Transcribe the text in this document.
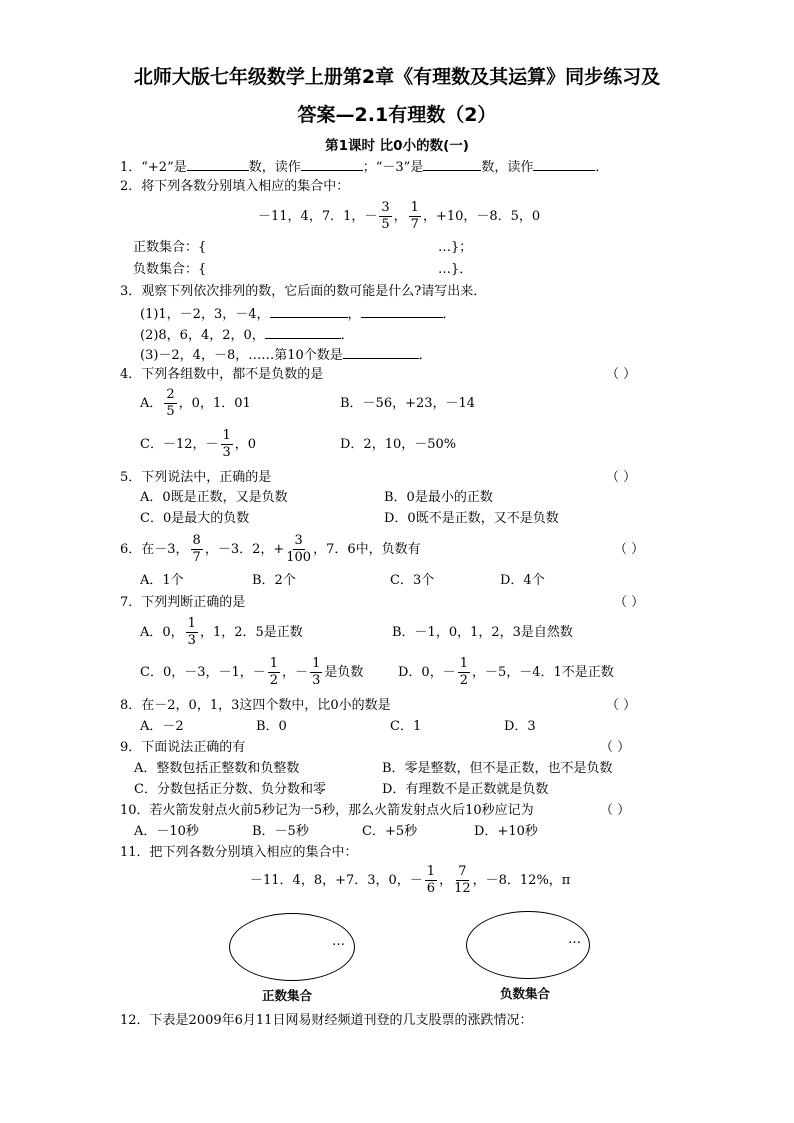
北师大版七年级数学上册第2章《有理数及其运算》同步练习及
答案—2.1有理数（2）
第1课时 比0小的数(一)
1．“+2”是	数，读作	；“－3”是	数，读作	．
2．将下列各数分别填入相应的集合中：
－11，4，7．1，－ $\frac{3}{5}$ ， $\frac{1}{7}$ ，+10，－8．5，0
正数集合：{	…}；
负数集合：{	…}．
3．观察下列依次排列的数，它后面的数可能是什么?请写出来．
(1)1，－2，3，－4，	，	．
(2)8，6，4，2，0，	．
(3)－2，4，－8，……第10个数是	．
4．下列各组数中，都不是负数的是	（ ）
A． $\frac{2}{5}$ ，0，1．01	B．－56，+23，－14
C．－12，－ $\frac{1}{3}$ ，0	D．2，10，－50%
5．下列说法中，正确的是	（ ）
A．0既是正数，又是负数	B．0是最小的正数
C．0是最大的负数	D．0既不是正数，又不是负数
6．在－3， $\frac{8}{7}$ ，－3．2，+ $\frac{3}{100}$ ，7．6中，负数有	（ ）
A．1个	B．2个	C．3个	D．4个
7．下列判断正确的是	（ ）
A．0， $\frac{1}{3}$ ，1，2．5是正数	B．－1，0，1，2，3是自然数
C．0，－3，－1，－ $\frac{1}{2}$ ，－ $\frac{1}{3}$ 是负数	D．0，－ $\frac{1}{2}$ ，－5，－4．1不是正数
8．在－2，0，1，3这四个数中，比0小的数是	（ ）
A．－2	B．0	C．1	D．3
9．下面说法正确的有	（ ）
A．整数包括正整数和负整数	B．零是整数，但不是正数，也不是负数
C．分数包括正分数、负分数和零	D．有理数不是正数就是负数
10．若火箭发射点火前5秒记为一5秒，那么火箭发射点火后10秒应记为	（ ）
A．－10秒	B．－5秒	C．+5秒	D．+10秒
11．把下列各数分别填入相应的集合中：
－11．4，8，+7．3，0，－ $\frac{1}{6}$ ， $\frac{7}{12}$ ，－8．12%，π
…
正数集合
…
负数集合
12．下表是2009年6月11日网易财经频道刊登的几支股票的涨跌情况：
